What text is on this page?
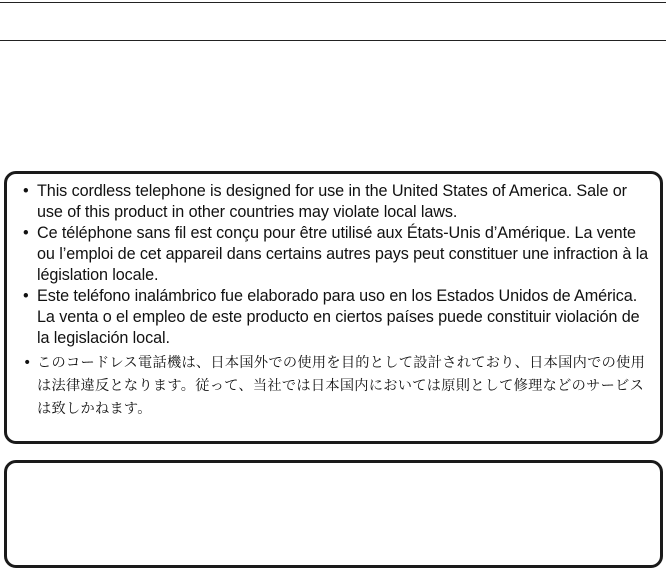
• This cordless telephone is designed for use in the United States of America. Sale or use of this product in other countries may violate local laws.
• Ce téléphone sans fil est conçu pour être utilisé aux États-Unis d’Amérique. La vente ou l’emploi de cet appareil dans certains autres pays peut constituer une infraction à la législation locale.
• Este teléfono inalámbrico fue elaborado para uso en los Estados Unidos de América. La venta o el empleo de este producto en ciertos países puede constituir violación de la legislación local.
• このコードレス電話機は、日本国外での使用を目的として設計されており、日本国内での使用は法律違反となります。従って、当社では日本国内においては原則として修理などのサービスは致しかねます。
